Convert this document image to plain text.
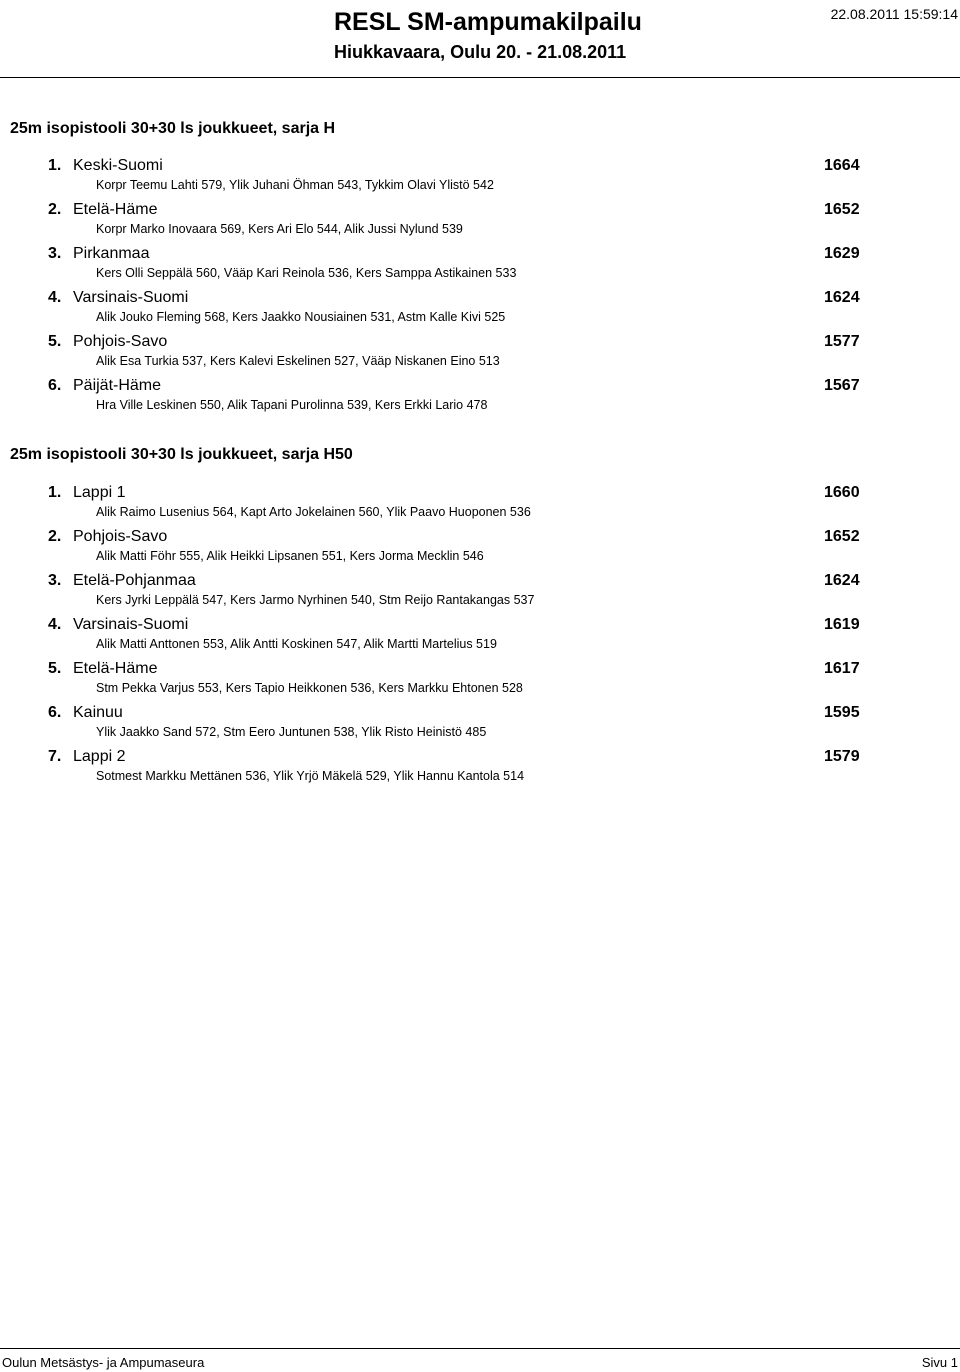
RESL SM-ampumakilpailu
Hiukkavaara, Oulu 20. - 21.08.2011
22.08.2011 15:59:14
25m isopistooli 30+30 ls joukkueet, sarja H
1. Keski-Suomi	1664
Korpr Teemu Lahti 579, Ylik Juhani Öhman 543, Tykkim Olavi Ylistö 542
2. Etelä-Häme	1652
Korpr Marko Inovaara 569, Kers Ari Elo 544, Alik Jussi Nylund 539
3. Pirkanmaa	1629
Kers Olli Seppälä 560, Vääp Kari Reinola 536, Kers Samppa Astikainen 533
4. Varsinais-Suomi	1624
Alik Jouko Fleming 568, Kers Jaakko Nousiainen 531, Astm Kalle Kivi 525
5. Pohjois-Savo	1577
Alik Esa Turkia 537, Kers Kalevi Eskelinen 527, Vääp Niskanen Eino 513
6. Päijät-Häme	1567
Hra Ville Leskinen 550, Alik Tapani Purolinna 539, Kers Erkki Lario 478
25m isopistooli 30+30 ls joukkueet, sarja H50
1. Lappi 1	1660
Alik Raimo Lusenius 564, Kapt Arto Jokelainen 560, Ylik Paavo Huoponen 536
2. Pohjois-Savo	1652
Alik Matti Föhr 555, Alik Heikki Lipsanen 551, Kers Jorma Mecklin 546
3. Etelä-Pohjanmaa	1624
Kers Jyrki Leppälä 547, Kers Jarmo Nyrhinen 540, Stm Reijo Rantakangas 537
4. Varsinais-Suomi	1619
Alik Matti Anttonen 553, Alik Antti Koskinen 547, Alik Martti Martelius 519
5. Etelä-Häme	1617
Stm Pekka Varjus 553, Kers Tapio Heikkonen 536, Kers Markku Ehtonen 528
6. Kainuu	1595
Ylik Jaakko Sand 572, Stm Eero Juntunen 538, Ylik Risto Heinistö 485
7. Lappi 2	1579
Sotmest Markku Mettänen 536, Ylik Yrjö Mäkelä 529, Ylik Hannu Kantola 514
Oulun Metsästys- ja Ampumaseura	Sivu 1
